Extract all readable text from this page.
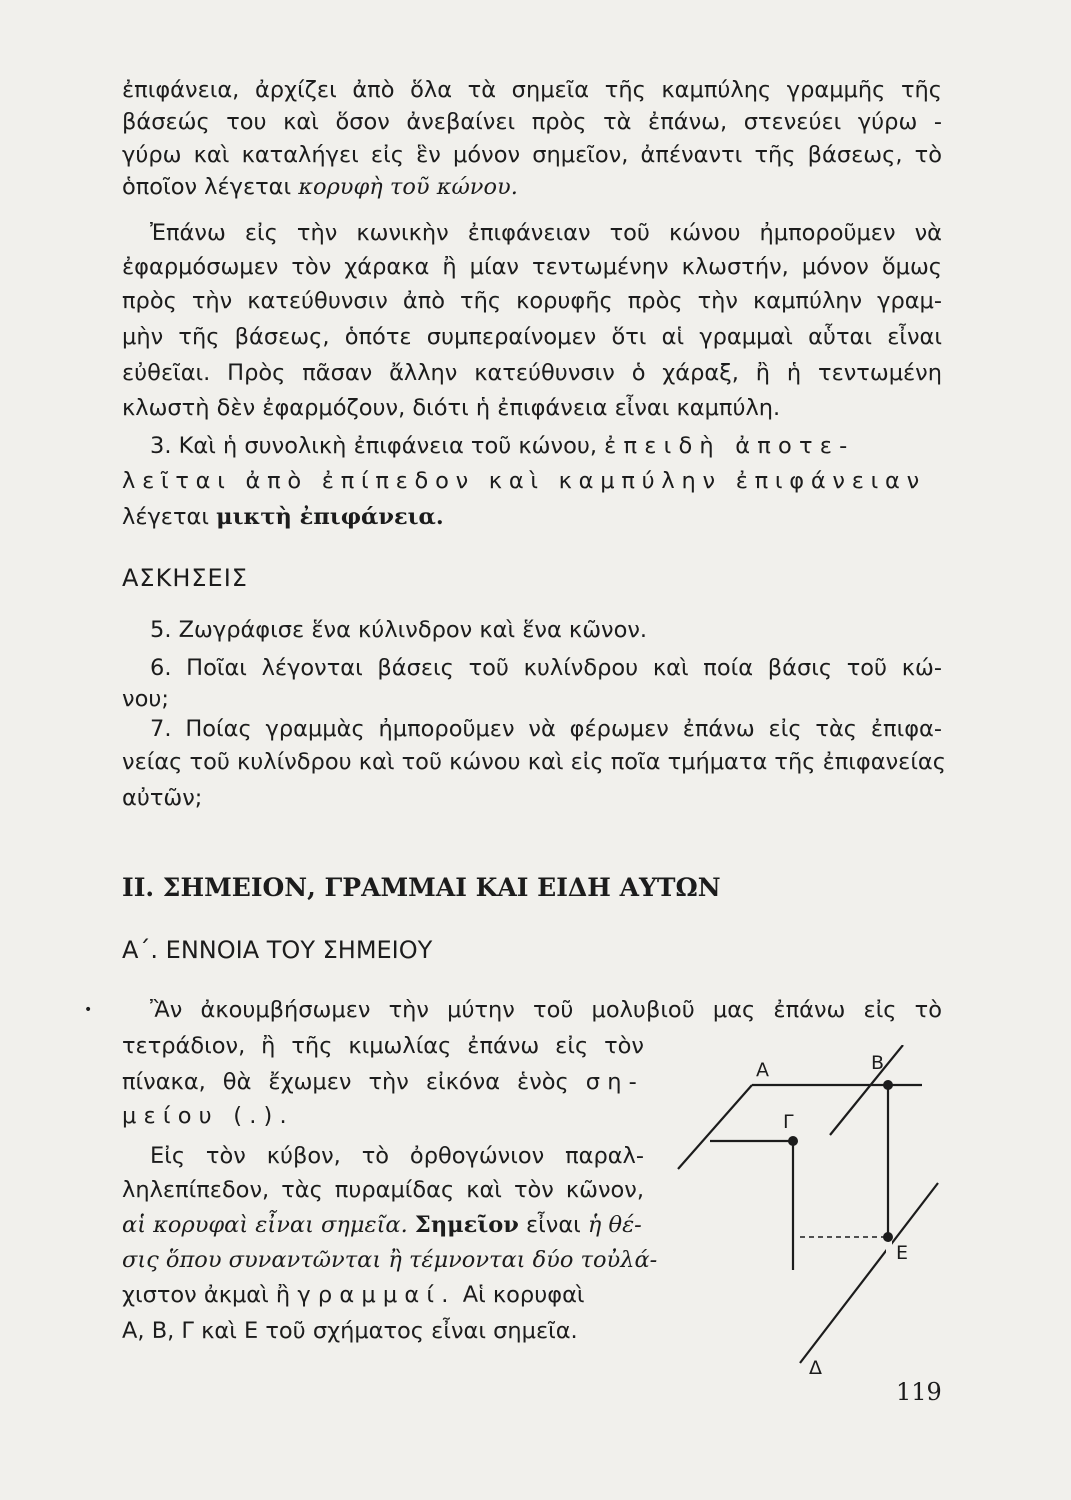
ἐπιφάνεια, ἀρχίζει ἀπὸ ὅλα τὰ σημεῖα τῆς καμπύλης γραμμῆς τῆς
βάσεώς του καὶ ὅσον ἀνεβαίνει πρὸς τὰ ἐπάνω, στενεύει γύρω -
γύρω καὶ καταλήγει εἰς ἓν μόνον σημεῖον, ἀπέναντι τῆς βάσεως, τὸ
ὁποῖον λέγεται κορυφὴ τοῦ κώνου.
Ἐπάνω εἰς τὴν κωνικὴν ἐπιφάνειαν τοῦ κώνου ἠμποροῦμεν νὰ
ἐφαρμόσωμεν τὸν χάρακα ἢ μίαν τεντωμένην κλωστήν, μόνον ὅμως
πρὸς τὴν κατεύθυνσιν ἀπὸ τῆς κορυφῆς πρὸς τὴν καμπύλην γραμ-
μὴν τῆς βάσεως, ὁπότε συμπεραίνομεν ὅτι αἱ γραμμαὶ αὗται εἶναι
εὐθεῖαι. Πρὸς πᾶσαν ἄλλην κατεύθυνσιν ὁ χάραξ, ἢ ἡ τεντωμένη
κλωστὴ δὲν ἐφαρμόζουν, διότι ἡ ἐπιφάνεια εἶναι καμπύλη.
3. Καὶ ἡ συνολικὴ ἐπιφάνεια τοῦ κώνου, ἐπειδὴ ἀποτε-
λεῖται ἀπὸ ἐπίπεδον καὶ καμπύλην ἐπιφάνειαν
λέγεται μικτὴ ἐπιφάνεια.
ΑΣΚΗΣΕΙΣ
5. Ζωγράφισε ἕνα κύλινδρον καὶ ἕνα κῶνον.
6. Ποῖαι λέγονται βάσεις τοῦ κυλίνδρου καὶ ποία βάσις τοῦ κώ-
νου;
7. Ποίας γραμμὰς ἠμποροῦμεν νὰ φέρωμεν ἐπάνω εἰς τὰς ἐπιφα-
νείας τοῦ κυλίνδρου καὶ τοῦ κώνου καὶ εἰς ποῖα τμήματα τῆς ἐπιφανείας
αὐτῶν;
ΙΙ. ΣΗΜΕΙΟΝ, ΓΡΑΜΜΑΙ ΚΑΙ ΕΙΔΗ ΑΥΤΩΝ
Α΄. ΕΝΝΟΙΑ ΤΟΥ ΣΗΜΕΙΟΥ
•	Ἂν ἀκουμβήσωμεν τὴν μύτην τοῦ μολυβιοῦ μας ἐπάνω εἰς τὸ
τετράδιον, ἢ τῆς κιμωλίας ἐπάνω εἰς τὸν
πίνακα, θὰ ἔχωμεν τὴν εἰκόνα ἑνὸς ση-
μείου (.).
Εἰς τὸν κύβον, τὸ ὀρθογώνιον παραλ-
ληλεπίπεδον, τὰς πυραμίδας καὶ τὸν κῶνον,
αἱ κορυφαὶ εἶναι σημεῖα. Σημεῖον εἶναι ἡ θέ-
σις ὅπου συναντῶνται ἢ τέμνονται δύο τοὐλά-
χιστον ἀκμαὶ ἢ γραμμαί. Αἱ κορυφαὶ
Α, Β, Γ καὶ Ε τοῦ σχήματος εἶναι σημεῖα.
Α	Β
Γ
Ε
Δ
119
